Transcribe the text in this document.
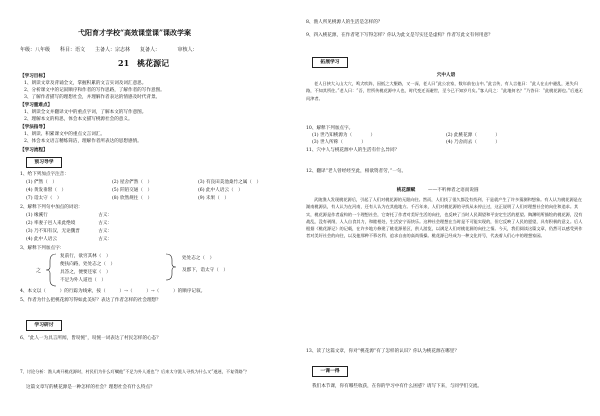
弋阳育才学校“高效课堂课”课改学案
年级：八年级　　科目：语文　　主备人：宗志林　　复备人：　　　　审核人：
21　桃花源记
【学习目标】
1、朗读文章及背诵全文，掌握积累的文言实词及词汇意思。
2、分析课文中的记叙顺序和作者的写作思路，了解作者的写作意图。
3、了解作者描写的理想社会，并理解作者表达的情感及时代背景。
【学习重难点】
1、朗读全文并翻译文中的重点字词，了解本文的写作意图。
2、理解本文的构思，体会本文描写桃源社会的意义。
【学法指导】
1、朗读、积累课文中的重点文言词汇。
2、体会本文语言精练简洁，理解作者所表达的思想感情。
【学习流程】
预习导学
1、给下列加点字注音：
(1) 俨然（　）	(2) 屋舍俨然（　）	(3) 有良田美池桑竹之属（　）
(4) 黄发垂髫（　）	(5) 阡陌交通（　）	(6) 此中人语云（　）
(7) 诣太守（　）	(8) 欣然规往（　）	(9) 未果（　）
2、解释下列句中加点的词语：
(1) 缘溪行　　　　　　　　　　　古义：
(2) 率妻子邑人来此绝境　　　　　古义：
(3) 乃不知有汉，无论魏晋　　　　古义：
(4) 此中人语云　　　　　　　　　古义：
3、解释下列加点字：
之
复前行，欲穷其林（　）
便扶向路，处处志之（　）
具答之，便要还家（　）
不足为外人道也（　）
处处志之（　）
及郡下，诣太守（　）
4、本文以（　　　）的行踪为线索，按（　　　）→（　　　）→（　　　）的顺序记叙。
5、作者为什么把桃花源写得如此美好？表达了作者怎样的社会理想？
学习研讨
6、“此人一为具言所闻，皆叹惋”，叹惋一词表达了村民怎样的心态？
7、讨论分析：渔人离开桃花源时，村民们为什么叮嘱他“不足为外人道也”？后来太守派人寻找为什么又“遂迷，不复得路”？
　 这篇文章写的桃花源是一种怎样的社会？理想社会有什么特点？
8、渔人所见桃源人的生活是怎样的？
9、四入桃花源，在作者笔下写得怎样？你认为此文是写实还是虚构？作者写此文有何用意？
拓展学习
穴中人语
老人日挟大入山大穴，鸣犬吠阵，因抵之大壑路，又一深，老人曰“此公农家，数年前在山中。”此言传，有人言他曰：“此人在山中避乱，迷失归路，不知其所往。”老人曰：“吾，世所传桃花源中人也，时代变迁而避世，至今已不知岁月矣。”客人问之：“此地何名？”乃答曰：“此桃花源也。”后遂无问津者。
10、解释下列加点字。
(1) 世乃知桃源为（　　　　）	(2) 此桃花源（　　　　）
(3) 世人所称（　　　　）	(4) 乃舍而去（　　　　）
11、穴中人与桃花源中人的生活有什么异同？
12、翻译“老人曾经经至此，相欲资者劳，”一句。
桃花源赋	——不听禅者之语而说圆
武陵渔人发现桃花源后，引起了人们对桃花源的无限向往。然而，人们找了很久都没有找到，于是就产生了许多猜测和想象。有人认为桃花源是在湖南桃源县，有人认为在河南，还有人认为在其他地方。千百年来，人们对桃花源的寻找从未停止过，这正说明了人们对理想社会的向往和追求。其实，桃花源是作者虚构的一个理想社会，它寄托了作者对美好生活的向往，也反映了当时人民渴望和平安定生活的愿望。陶渊明所描绘的桃花源，没有战乱，没有剥削，人人自食其力，和睦相处，生活安宁而快乐。这种社会理想在当时是不可能实现的，但它反映了人民的愿望，具有积极的意义。后人根据《桃花源记》的记载，在许多地方修建了桃花源景区，供人游览，以满足人们对桃花源的向往之情。今天，我们阅读这篇文章，仍然可以感受到作者对美好社会的向往，以及他那种不慕名利、追求自由的高尚情操。桃花源已经成为一种文化符号，代表着人们心中的理想家园。
13、读了这篇文章，你对“桃花源”有了怎样的认识？你认为桃花源在哪里？
一课一得
我们本节课，你有哪些收获，在你的学习中有什么困惑？请写下来，与同学们交流。
